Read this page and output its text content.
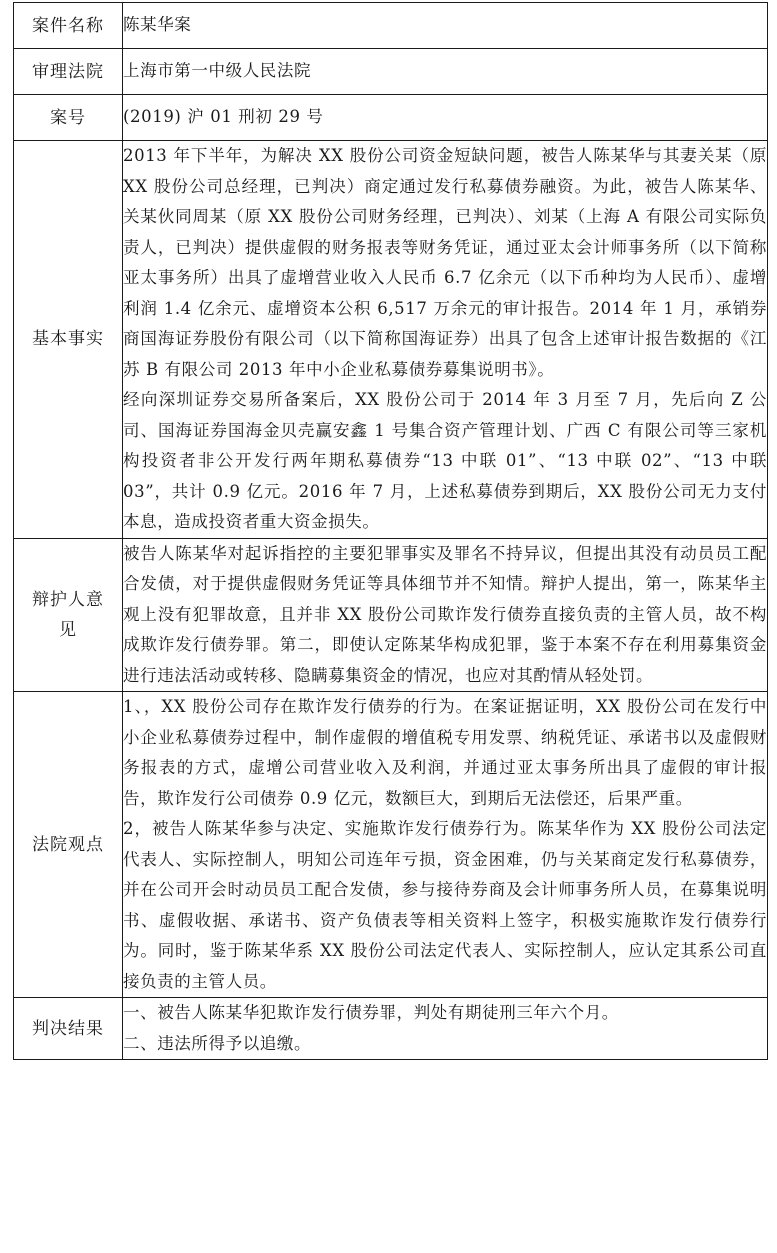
案件名称	陈某华案
审理法院	上海市第一中级人民法院
案号	(2019) 沪 01 刑初 29 号
基本事实	2013 年下半年，为解决 XX 股份公司资金短缺问题，被告人陈某华与其妻关某（原 XX 股份公司总经理，已判决）商定通过发行私募债券融资。为此，被告人陈某华、关某伙同周某（原 XX 股份公司财务经理，已判决）、刘某（上海 A 有限公司实际负责人，已判决）提供虚假的财务报表等财务凭证，通过亚太会计师事务所（以下简称亚太事务所）出具了虚增营业收入人民币 6.7 亿余元（以下币种均为人民币）、虚增利润 1.4 亿余元、虚增资本公积 6,517 万余元的审计报告。2014 年 1 月，承销券商国海证券股份有限公司（以下简称国海证券）出具了包含上述审计报告数据的《江苏 B 有限公司 2013 年中小企业私募债券募集说明书》。

经向深圳证券交易所备案后，XX 股份公司于 2014 年 3 月至 7 月，先后向 Z 公司、国海证券国海金贝壳赢安鑫 1 号集合资产管理计划、广西 C 有限公司等三家机构投资者非公开发行两年期私募债券“13 中联 01”、“13 中联 02”、“13 中联 03”，共计 0.9 亿元。2016 年 7 月，上述私募债券到期后，XX 股份公司无力支付本息，造成投资者重大资金损失。

辩护人意见	被告人陈某华对起诉指控的主要犯罪事实及罪名不持异议，但提出其没有动员员工配合发债，对于提供虚假财务凭证等具体细节并不知情。辩护人提出，第一，陈某华主观上没有犯罪故意，且并非 XX 股份公司欺诈发行债券直接负责的主管人员，故不构成欺诈发行债券罪。第二，即使认定陈某华构成犯罪，鉴于本案不存在利用募集资金进行违法活动或转移、隐瞒募集资金的情况，也应对其酌情从轻处罚。

法院观点	1、，XX 股份公司存在欺诈发行债券的行为。在案证据证明，XX 股份公司在发行中小企业私募债券过程中，制作虚假的增值税专用发票、纳税凭证、承诺书以及虚假财务报表的方式，虚增公司营业收入及利润，并通过亚太事务所出具了虚假的审计报告，欺诈发行公司债券 0.9 亿元，数额巨大，到期后无法偿还，后果严重。

2，被告人陈某华参与决定、实施欺诈发行债券行为。陈某华作为 XX 股份公司法定代表人、实际控制人，明知公司连年亏损，资金困难，仍与关某商定发行私募债券，并在公司开会时动员员工配合发债，参与接待券商及会计师事务所人员，在募集说明书、虚假收据、承诺书、资产负债表等相关资料上签字，积极实施欺诈发行债券行为。同时，鉴于陈某华系 XX 股份公司法定代表人、实际控制人，应认定其系公司直接负责的主管人员。

判决结果	一、被告人陈某华犯欺诈发行债券罪，判处有期徒刑三年六个月。

二、违法所得予以追缴。
